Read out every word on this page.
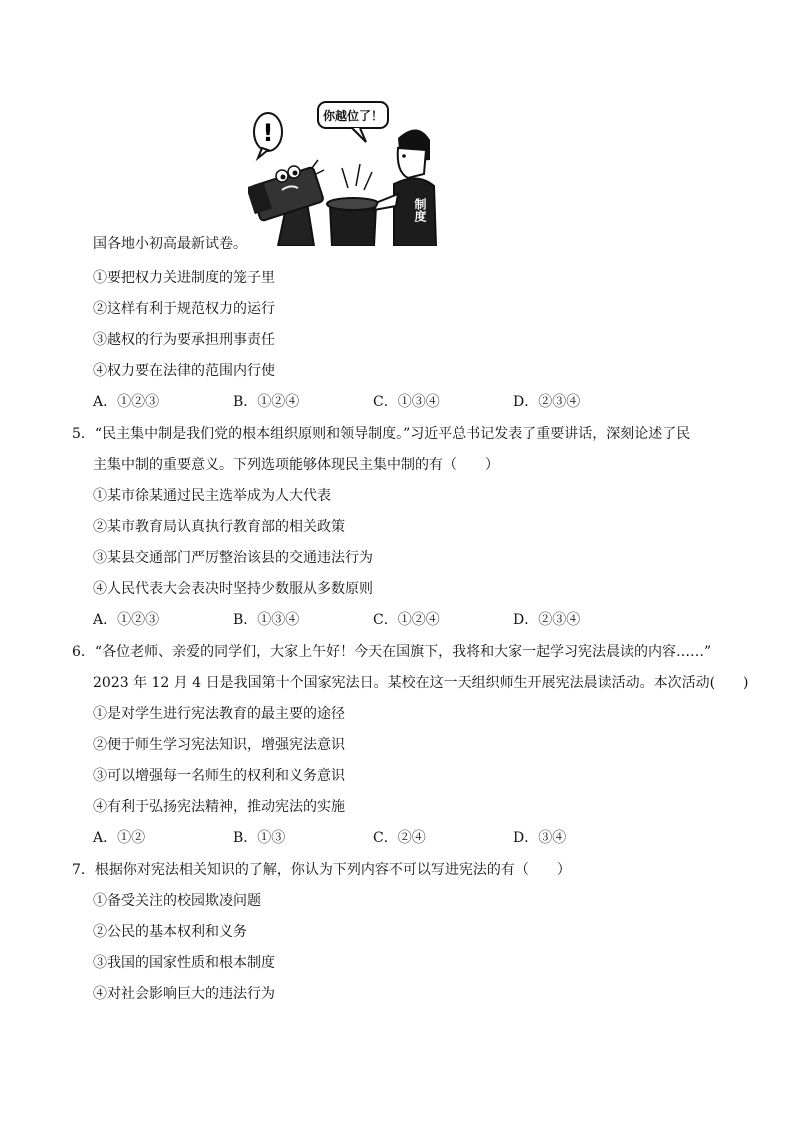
!
你越位了！
制度
国各地小初高最新试卷。
①要把权力关进制度的笼子里
②这样有利于规范权力的运行
③越权的行为要承担刑事责任
④权力要在法律的范围内行使
A．①②③	B．①②④	C．①③④	D．②③④
5．“民主集中制是我们党的根本组织原则和领导制度。”习近平总书记发表了重要讲话，深刻论述了民
主集中制的重要意义。下列选项能够体现民主集中制的有（　　）
①某市徐某通过民主选举成为人大代表
②某市教育局认真执行教育部的相关政策
③某县交通部门严厉整治该县的交通违法行为
④人民代表大会表决时坚持少数服从多数原则
A．①②③	B．①③④	C．①②④	D．②③④
6．“各位老师、亲爱的同学们，大家上午好！今天在国旗下，我将和大家一起学习宪法晨读的内容……”
2023 年 12 月 4 日是我国第十个国家宪法日。某校在这一天组织师生开展宪法晨读活动。本次活动(　　)
①是对学生进行宪法教育的最主要的途径
②便于师生学习宪法知识，增强宪法意识
③可以增强每一名师生的权利和义务意识
④有利于弘扬宪法精神，推动宪法的实施
A．①②	B．①③	C．②④	D．③④
7．根据你对宪法相关知识的了解，你认为下列内容不可以写进宪法的有（　　）
①备受关注的校园欺凌问题
②公民的基本权利和义务
③我国的国家性质和根本制度
④对社会影响巨大的违法行为
